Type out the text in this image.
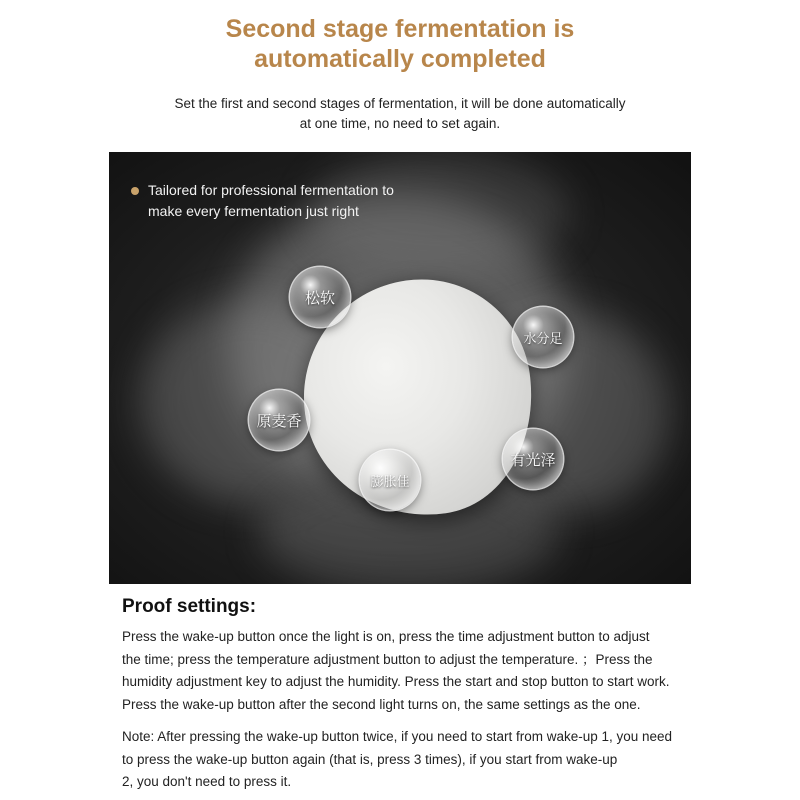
Second stage fermentation is
automatically completed
Set the first and second stages of fermentation, it will be done automatically
at one time, no need to set again.
Tailored for professional fermentation to
make every fermentation just right
松软
水分足
原麦香
有光泽
膨胀佳
Proof settings:
Press the wake-up button once the light is on, press the time adjustment button to adjust
the time; press the temperature adjustment button to adjust the temperature. ；Press the
humidity adjustment key to adjust the humidity. Press the start and stop button to start work.
Press the wake-up button after the second light turns on, the same settings as the one.
Note: After pressing the wake-up button twice, if you need to start from wake-up 1, you need
to press the wake-up button again (that is, press 3 times), if you start from wake-up
2, you don't need to press it.
